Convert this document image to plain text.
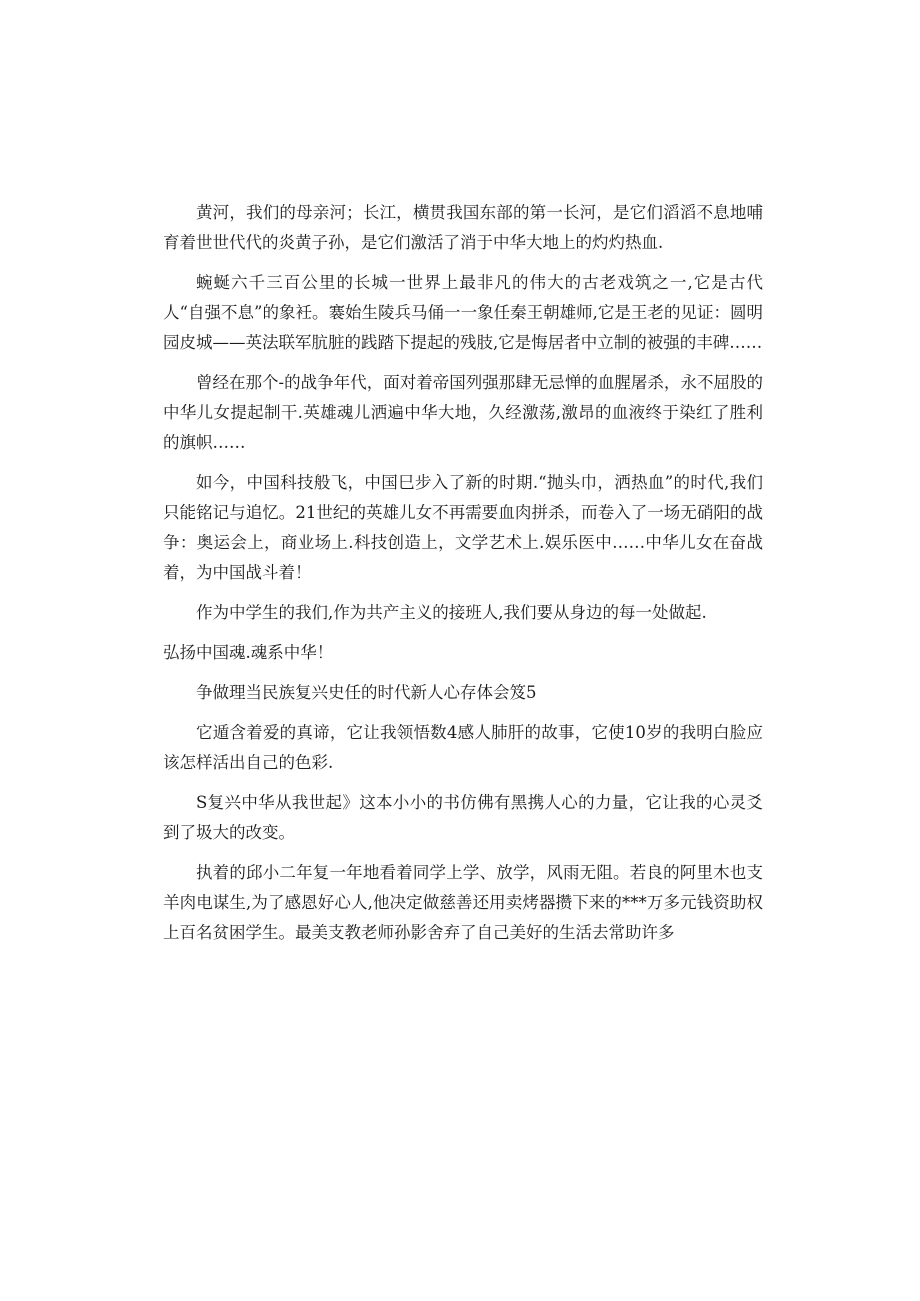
黄河，我们的母亲河；长江，横贯我国东部的第一长河，是它们滔滔不息地哺育着世世代代的炎黄子孙，是它们激活了消于中华大地上的灼灼热血.

蜿蜒六千三百公里的长城一世界上最非凡的伟大的古老戏筑之一,它是古代人“自强不息”的象衽。褰始生陵兵马俑一一象任秦王朝雄师,它是王老的见证：圆明园皮城——英法联军肮脏的践踏下提起的残肢,它是悔居者中立制的被强的丰碑……

曾经在那个-的战争年代，面对着帝国列强那肆无忌惮的血腥屠杀，永不屈股的中华儿女提起制干.英雄魂儿洒遍中华大地，久经激荡,激昂的血液终于染红了胜利的旗帜……

如今，中国科技般飞，中国巳步入了新的时期.“抛头巾，洒热血”的时代,我们只能铭记与追忆。21世纪的英雄儿女不再需要血肉拼杀，而卷入了一场无硝阳的战争：奥运会上，商业场上.科技创造上，文学艺术上.娱乐医中……中华儿女在奋战着，为中国战斗着！

作为中学生的我们,作为共产主义的接班人,我们要从身边的每一处做起.

弘扬中国魂.魂系中华！

争做理当民族复兴史任的时代新人心存体会笈5

它遁含着爱的真谛，它让我领悟数4感人肺肝的故事，它使10岁的我明白脸应该怎样活出自己的色彩.

S复兴中华从我世起》这本小小的书仿佛有黑携人心的力量，它让我的心灵爻到了圾大的改变。

执着的邱小二年复一年地看着同学上学、放学，风雨无阻。若良的阿里木也支羊肉电谋生,为了感恩好心人,他决定做慈善还用卖烤器攒下来的***万多元钱资助权上百名贫困学生。最美支教老师孙影舍弃了自己美好的生活去常助许多
